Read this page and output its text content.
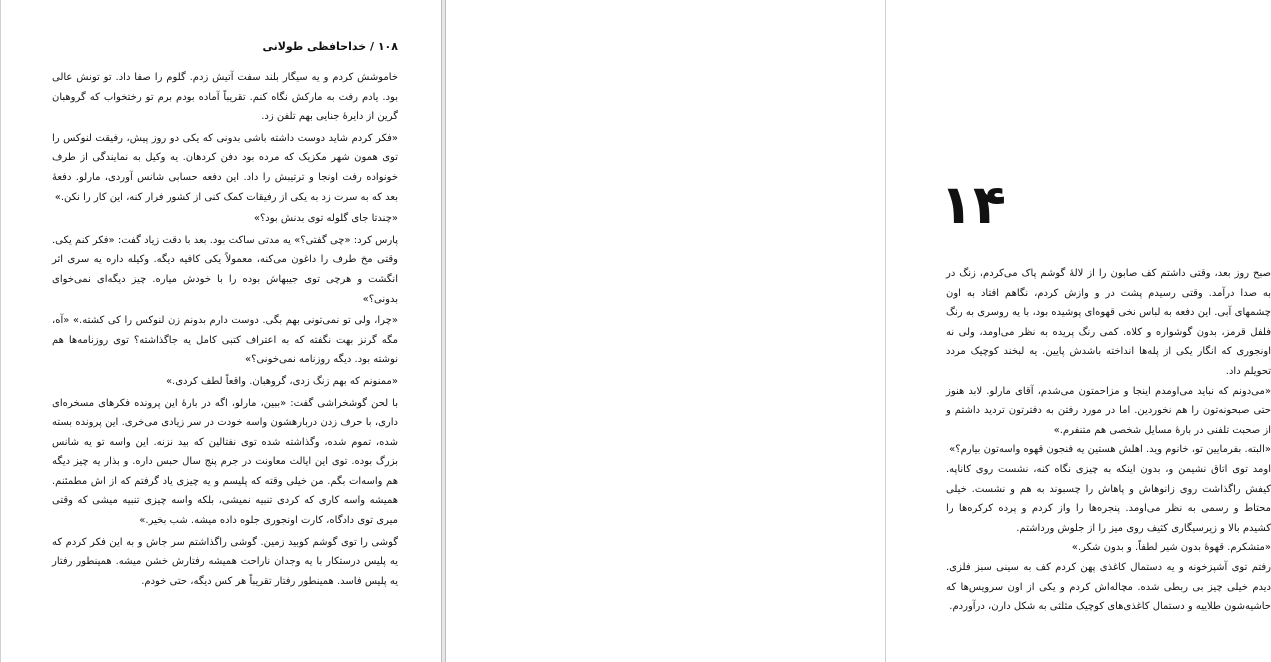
۱۰۸ / خداحافظی طولانی

خاموشش کردم و یه سیگار بلند سفت آتیش زدم. گلوم را صفا داد. تو تونش عالی بود. یادم رفت به مارکش نگاه کنم. تقریباً آماده بودم برم تو رختخواب که گروهبان گرین از دایرهٔ جنایی بهم تلفن زد.

«فکر کردم شاید دوست داشته باشی بدونی که یکی دو روز پیش، رفیقت لنوکس را توی همون شهر مکزیک که مرده بود دفن کردهان. یه وکیل به نمایندگی از طرف خونواده رفت اونجا و ترتیبش را داد. این دفعه حسابی شانس آوردی، مارلو. دفعهٔ بعد که به سرت زد به یکی از رفیقات کمک کنی از کشور فرار کنه، این کار را نکن.»

«چندتا جای گلوله توی بدنش بود؟»

پارس کرد: «چی گفتی؟» یه مدتی ساکت بود. بعد با دقت زیاد گفت: «فکر کنم یکی. وقتی مخ طرف را داغون می‌کنه، معمولاً یکی کافیه دیگه. وکیله داره یه سری اثر انگشت و هرچی توی جیبهاش بوده را با خودش میاره. چیز دیگه‌ای نمی‌خوای بدونی؟»

«چرا، ولی تو نمی‌تونی بهم بگی. دوست دارم بدونم زن لنوکس را کی کشته.» «آه، مگه گرنز بهت نگفته که به اعتراف کتبی کامل یه جاگذاشته؟ توی روزنامه‌ها هم نوشته بود. دیگه روزنامه نمی‌خونی؟»

«ممنونم که بهم زنگ زدی، گروهبان. واقعاً لطف کردی.»

با لحن گوشخراشی گفت: «ببین، مارلو، اگه در بارهٔ این پرونده فکرهای مسخره‌ای داری، با حرف زدن دربارهشون واسه خودت در سر زیادی می‌خری. این پرونده بسته شده، تموم شده، وگذاشته شده توی نفتالین که بید نزنه. این واسه تو یه شانس بزرگ بوده. توی این ایالت معاونت در جرم پنج سال حبس داره. و بذار یه چیز دیگه هم واسه‌ات بگم. من خیلی وقته که پلیسم و یه چیزی یاد گرفتم که از اش مطمئنم. همیشه واسه کاری که کردی تنبیه نمیشی، بلکه واسه چیزی تنبیه میشی که وقتی میری توی دادگاه، کارت اونجوری جلوه داده میشه. شب بخیر.»

گوشی را توی گوشم کوبید زمین. گوشی راگذاشتم سر جاش و به این فکر کردم که یه پلیس درستکار با یه وجدان ناراحت همیشه رفتارش خشن میشه. همینطور رفتار یه پلیس فاسد. همینطور رفتار تقریباً هر کس دیگه، حتی خودم.

۱۴

صبح روز بعد، وقتی داشتم کف صابون را از لالهٔ گوشم پاک می‌کردم، زنگ در به صدا درآمد. وقتی رسیدم پشت در و وازش کردم، نگاهم افتاد به اون چشمهای آبی. این دفعه به لباس نخی قهوه‌ای پوشیده بود، با یه روسری به رنگ فلفل قرمز، بدون گوشواره و کلاه. کمی رنگ پریده به نظر می‌اومد، ولی نه اونجوری که انگار یکی از پله‌ها انداخته باشدش پایین. یه لبخند کوچیک مردد تحویلم داد.

«می‌دونم که نباید می‌اومدم اینجا و مزاحمتون می‌شدم، آقای مارلو. لابد هنوز حتی صبحونه‌تون را هم نخوردین. اما در مورد رفتن به دفترتون تردید داشتم و از صحبت تلفنی در بارهٔ مسایل شخصی هم متنفرم.»

«البته. بفرمایین تو، خانوم وید. اهلش هستین یه فنجون قهوه واسه‌تون بیارم؟»

اومد توی اتاق نشیمن و، بدون اینکه به چیزی نگاه کنه، نشست روی کاناپه. کیفش راگذاشت روی زانوهاش و پاهاش را چسبوند به هم و نشست. خیلی محتاط و رسمی به نظر می‌اومد. پنجره‌ها را واز کردم و پرده کرکره‌ها را کشیدم بالا و زیرسیگاری کثیف روی میز را از جلوش ورداشتم.

«متشکرم. قهوهٔ بدون شیر لطفاً. و بدون شکر.»

رفتم توی آشپزخونه و یه دستمال کاغذی پهن کردم کف به سینی سبز فلزی. دیدم خیلی چیز بی ربطی شده. مچاله‌اش کردم و یکی از اون سرویس‌ها که حاشیه‌شون طلاییه و دستمال کاغذی‌های کوچیک مثلثی به شکل دارن، درآوردم.
